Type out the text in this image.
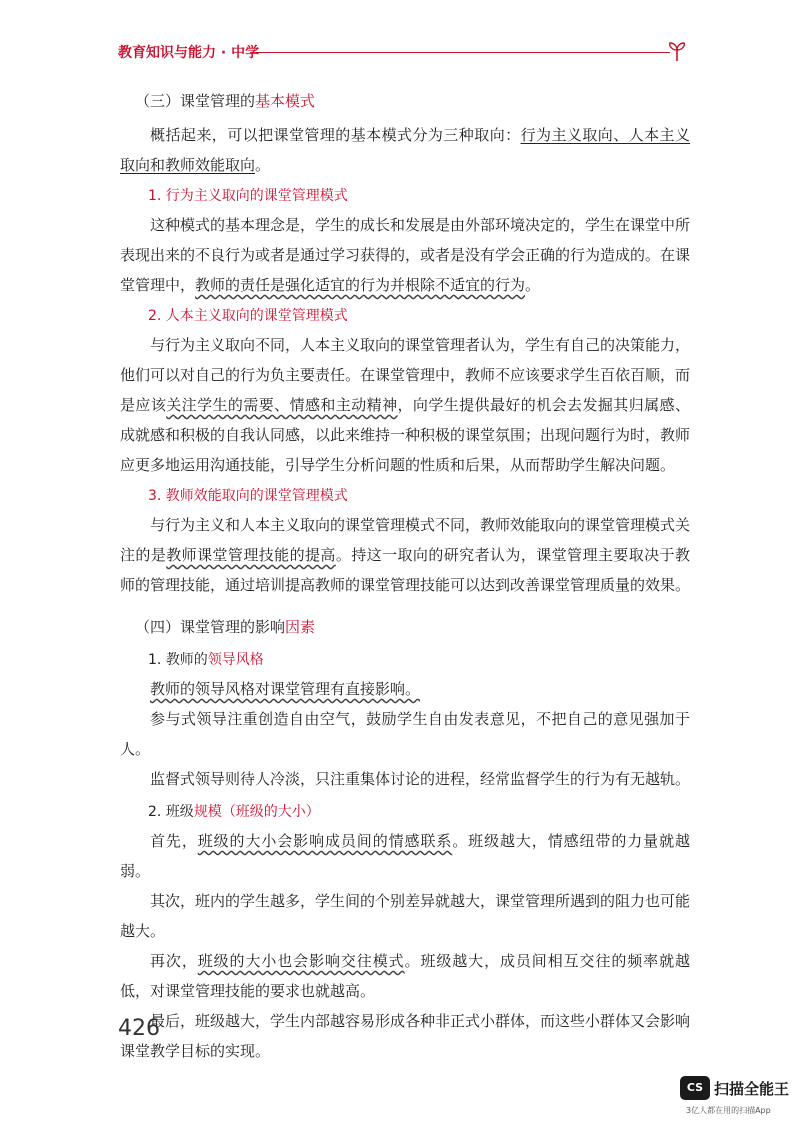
教育知识与能力 · 中学

（三）课堂管理的基本模式

概括起来，可以把课堂管理的基本模式分为三种取向：行为主义取向、人本主义取向和教师效能取向。

1. 行为主义取向的课堂管理模式

这种模式的基本理念是，学生的成长和发展是由外部环境决定的，学生在课堂中所表现出来的不良行为或者是通过学习获得的，或者是没有学会正确的行为造成的。在课堂管理中，教师的责任是强化适宜的行为并根除不适宜的行为。

2. 人本主义取向的课堂管理模式

与行为主义取向不同，人本主义取向的课堂管理者认为，学生有自己的决策能力，他们可以对自己的行为负主要责任。在课堂管理中，教师不应该要求学生百依百顺，而是应该关注学生的需要、情感和主动精神，向学生提供最好的机会去发掘其归属感、成就感和积极的自我认同感，以此来维持一种积极的课堂氛围；出现问题行为时，教师应更多地运用沟通技能，引导学生分析问题的性质和后果，从而帮助学生解决问题。

3. 教师效能取向的课堂管理模式

与行为主义和人本主义取向的课堂管理模式不同，教师效能取向的课堂管理模式关注的是教师课堂管理技能的提高。持这一取向的研究者认为，课堂管理主要取决于教师的管理技能，通过培训提高教师的课堂管理技能可以达到改善课堂管理质量的效果。

（四）课堂管理的影响因素

1. 教师的领导风格

教师的领导风格对课堂管理有直接影响。

参与式领导注重创造自由空气，鼓励学生自由发表意见，不把自己的意见强加于人。

监督式领导则待人冷淡，只注重集体讨论的进程，经常监督学生的行为有无越轨。

2. 班级规模（班级的大小）

首先，班级的大小会影响成员间的情感联系。班级越大，情感纽带的力量就越弱。

其次，班内的学生越多，学生间的个别差异就越大，课堂管理所遇到的阻力也可能越大。

再次，班级的大小也会影响交往模式。班级越大，成员间相互交往的频率就越低，对课堂管理技能的要求也就越高。

最后，班级越大，学生内部越容易形成各种非正式小群体，而这些小群体又会影响课堂教学目标的实现。

426
CS 扫描全能王
3亿人都在用的扫描App
